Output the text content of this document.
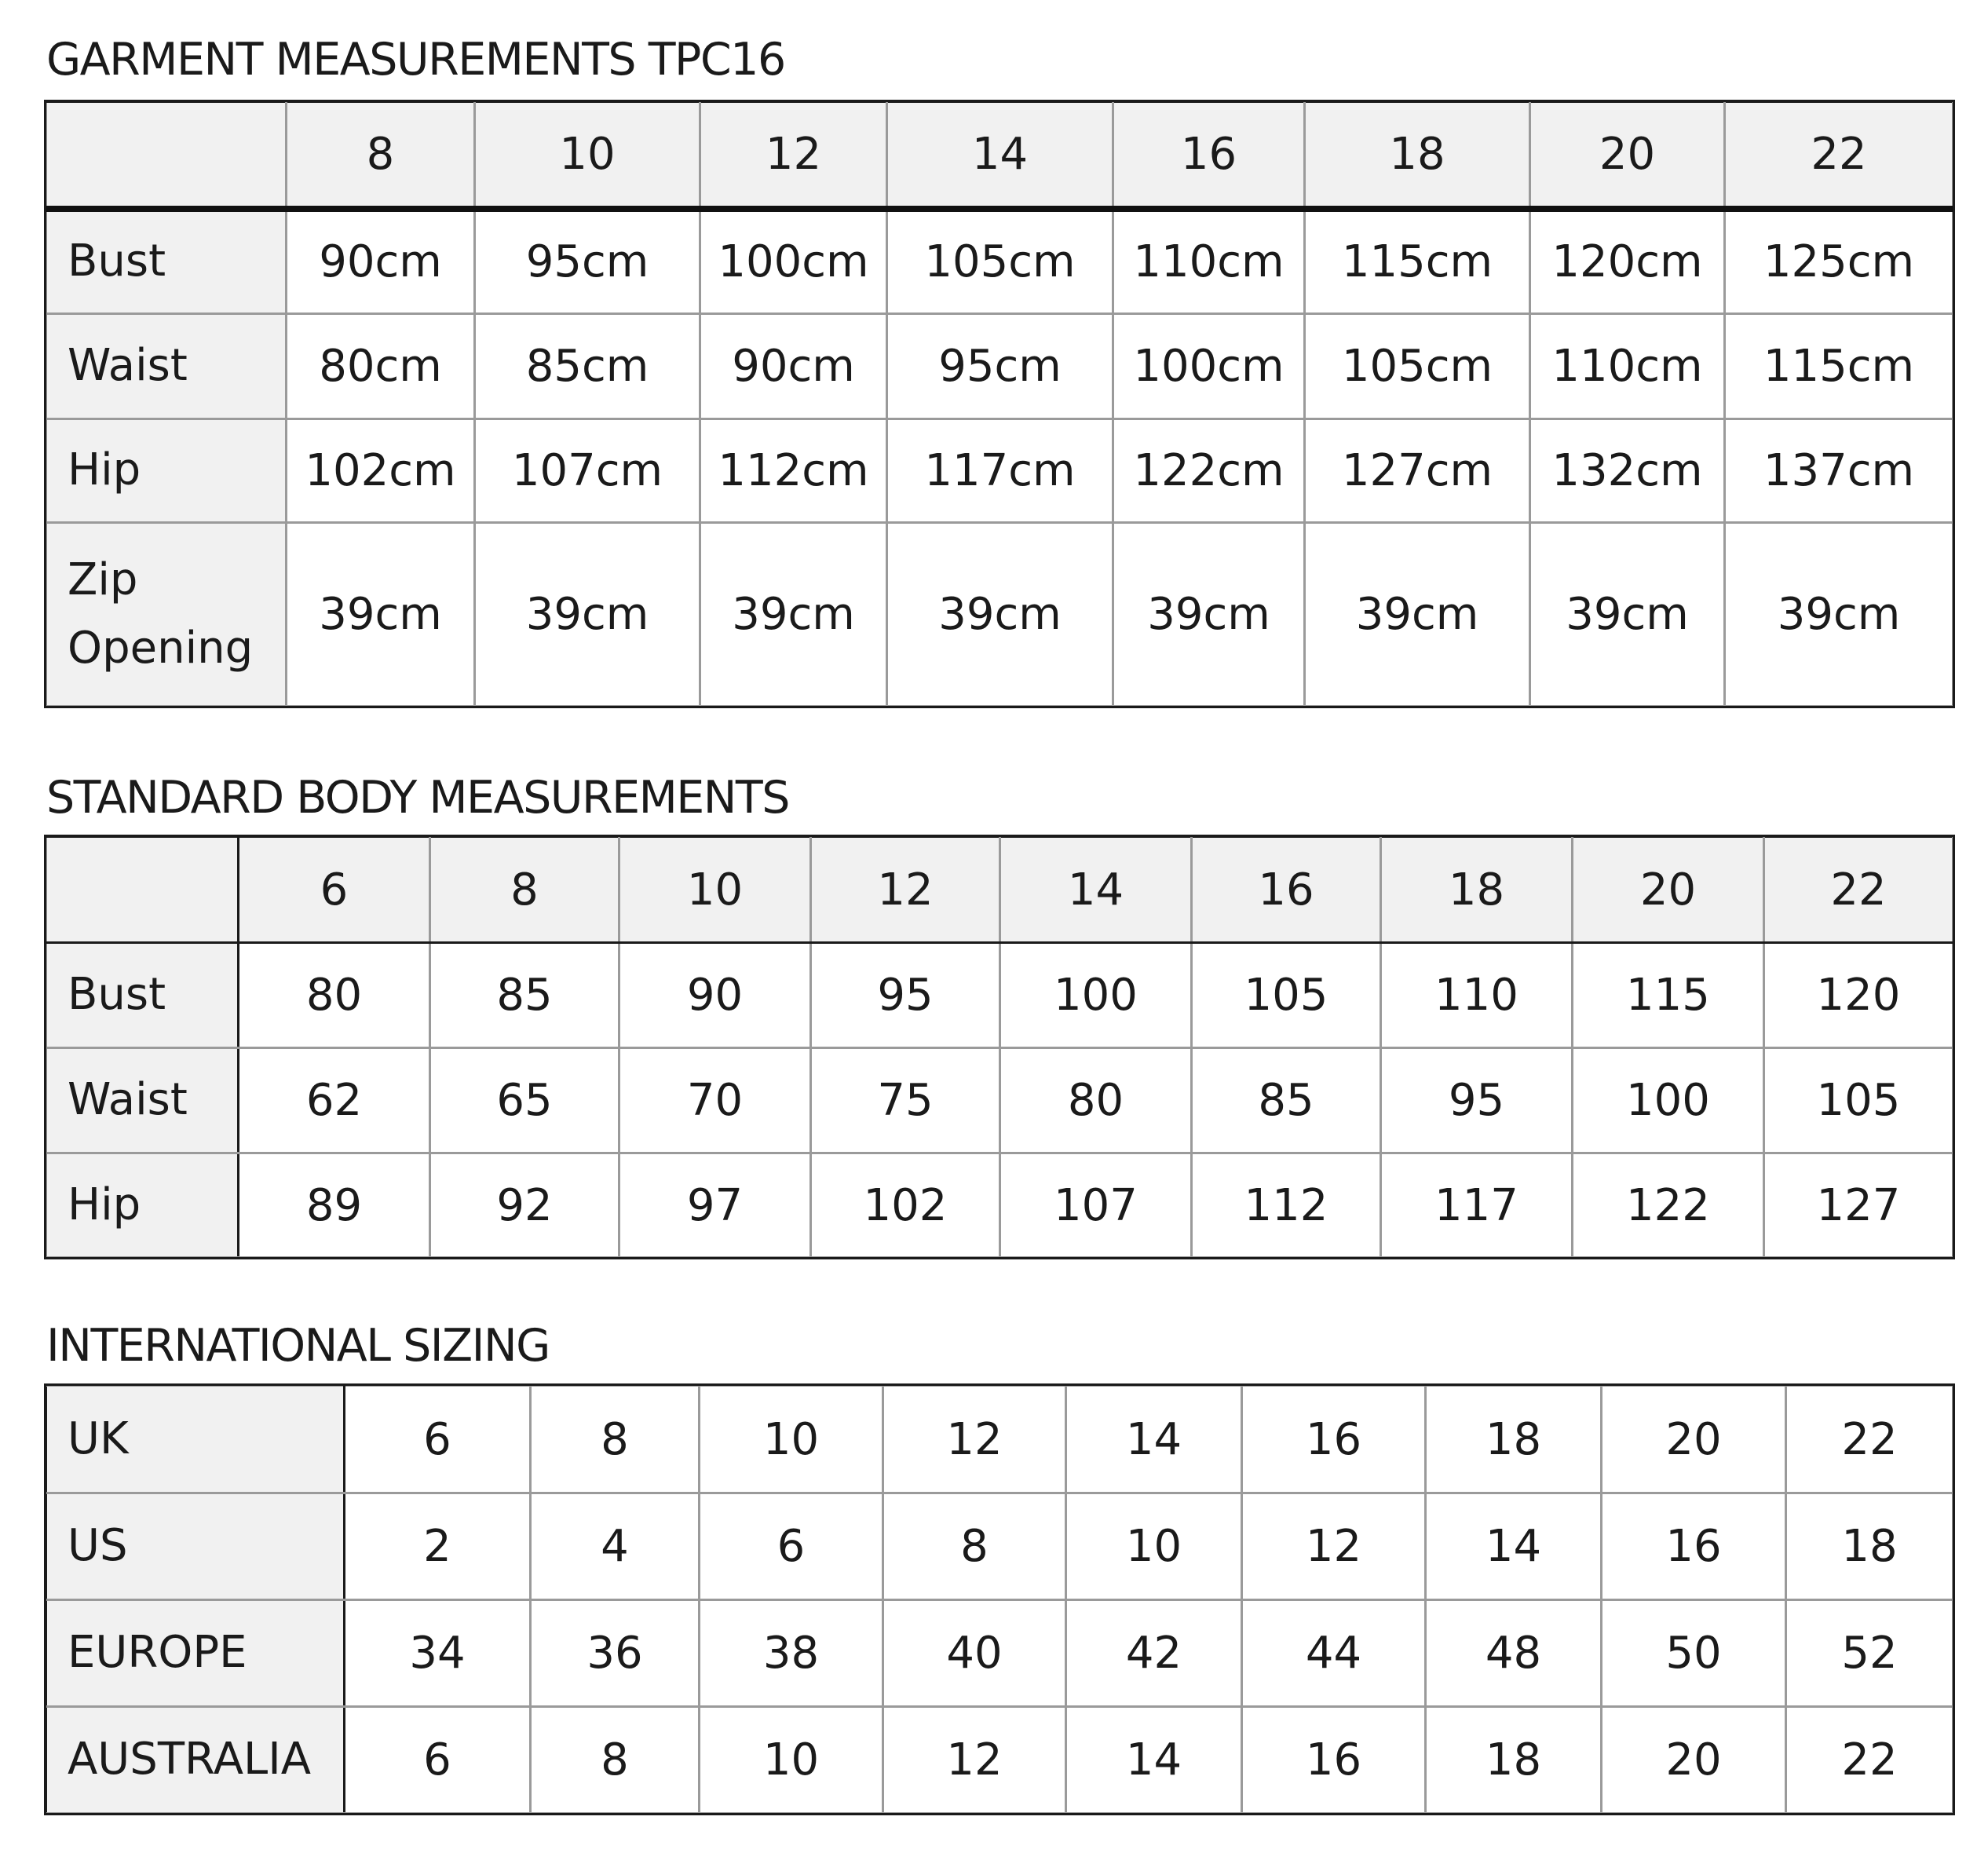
GARMENT MEASUREMENTS TPC16
	8	10	12	14	16	18	20	22
Bust	90cm	95cm	100cm	105cm	110cm	115cm	120cm	125cm
Waist	80cm	85cm	90cm	95cm	100cm	105cm	110cm	115cm
Hip	102cm	107cm	112cm	117cm	122cm	127cm	132cm	137cm
Zip Opening	39cm	39cm	39cm	39cm	39cm	39cm	39cm	39cm
STANDARD BODY MEASUREMENTS
	6	8	10	12	14	16	18	20	22
Bust	80	85	90	95	100	105	110	115	120
Waist	62	65	70	75	80	85	95	100	105
Hip	89	92	97	102	107	112	117	122	127
INTERNATIONAL SIZING
UK	6	8	10	12	14	16	18	20	22
US	2	4	6	8	10	12	14	16	18
EUROPE	34	36	38	40	42	44	48	50	52
AUSTRALIA	6	8	10	12	14	16	18	20	22
